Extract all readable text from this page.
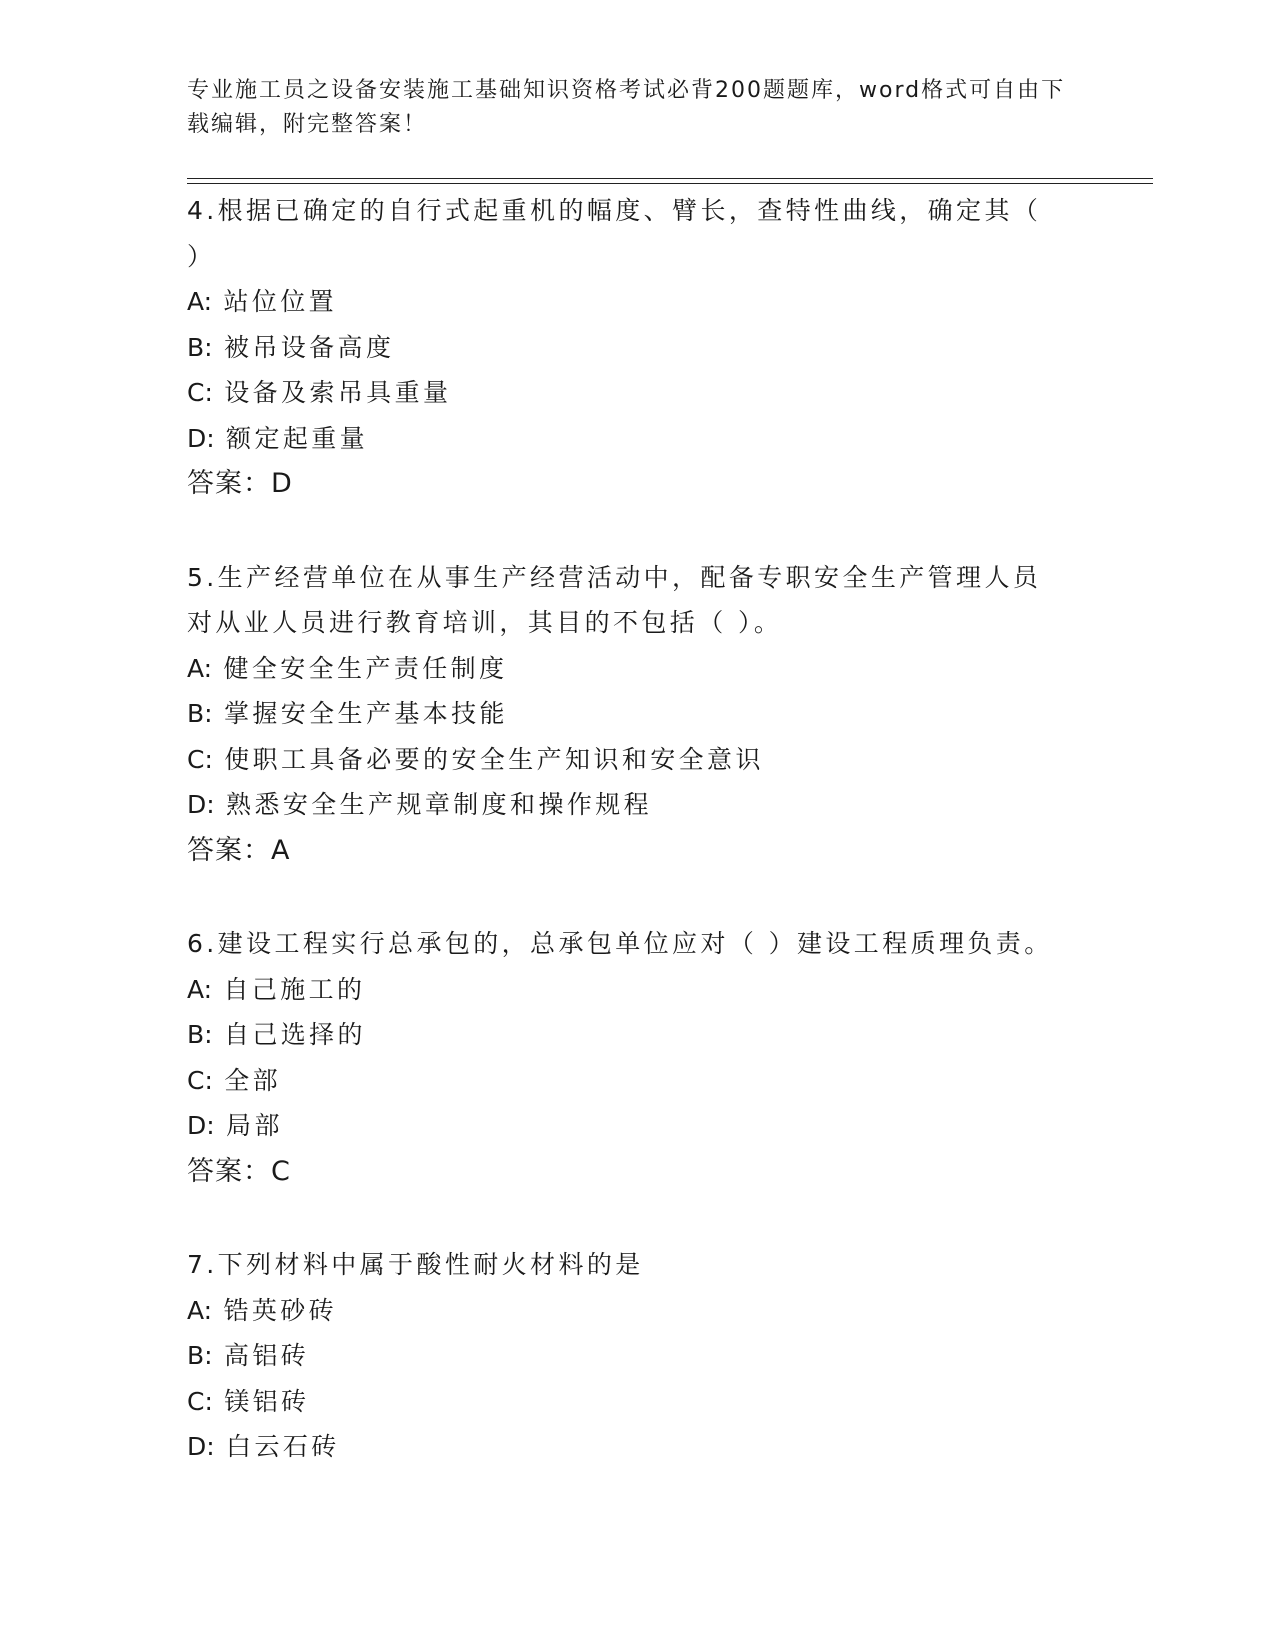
专业施工员之设备安装施工基础知识资格考试必背200题题库，word格式可自由下载编辑，附完整答案！
4.根据已确定的自行式起重机的幅度、臂长，查特性曲线，确定其（ ）
A: 站位位置
B: 被吊设备高度
C: 设备及索吊具重量
D: 额定起重量
答案：D
5.生产经营单位在从事生产经营活动中，配备专职安全生产管理人员对从业人员进行教育培训，其目的不包括（ ）。
A: 健全安全生产责任制度
B: 掌握安全生产基本技能
C: 使职工具备必要的安全生产知识和安全意识
D: 熟悉安全生产规章制度和操作规程
答案：A
6.建设工程实行总承包的，总承包单位应对（ ）建设工程质理负责。
A: 自己施工的
B: 自己选择的
C: 全部
D: 局部
答案：C
7.下列材料中属于酸性耐火材料的是
A: 锆英砂砖
B: 高铝砖
C: 镁铝砖
D: 白云石砖
